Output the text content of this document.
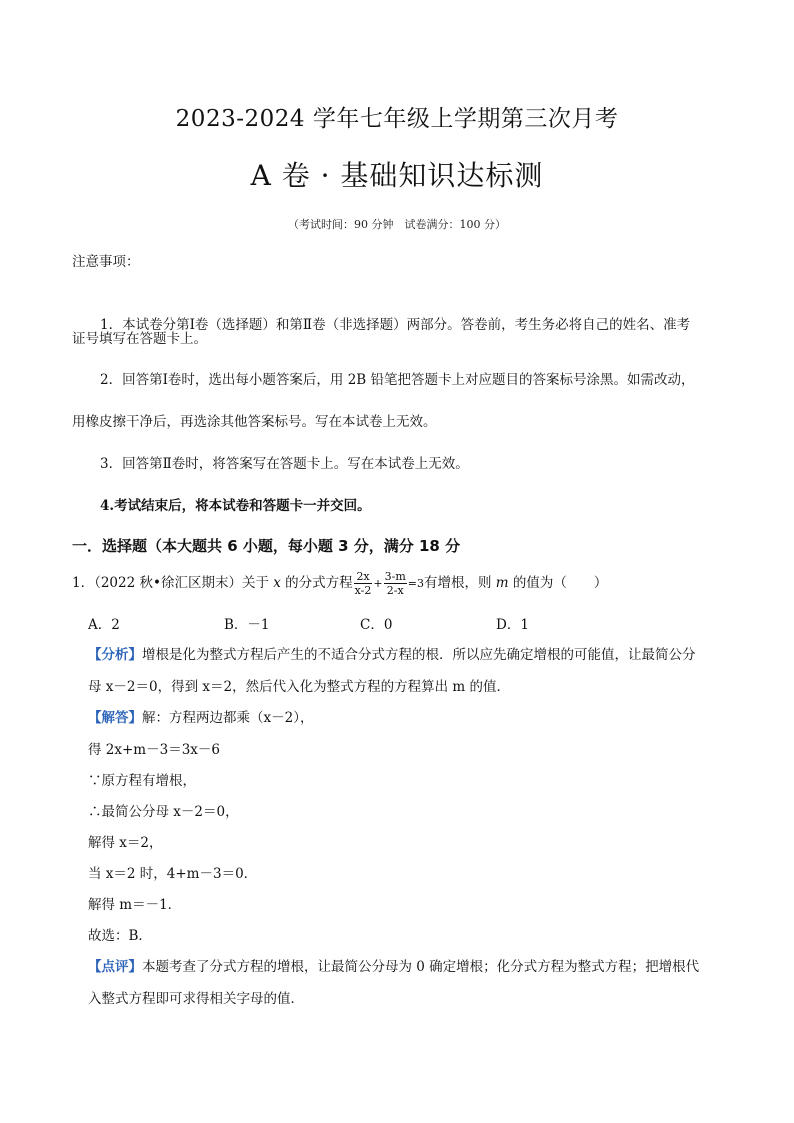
2023-2024 学年七年级上学期第三次月考
A 卷 · 基础知识达标测
（考试时间：90 分钟　试卷满分：100 分）
注意事项：
1．本试卷分第Ⅰ卷（选择题）和第Ⅱ卷（非选择题）两部分。答卷前，考生务必将自己的姓名、准考
证号填写在答题卡上。
2．回答第Ⅰ卷时，选出每小题答案后，用 2B 铅笔把答题卡上对应题目的答案标号涂黑。如需改动，
用橡皮擦干净后，再选涂其他答案标号。写在本试卷上无效。
3．回答第Ⅱ卷时，将答案写在答题卡上。写在本试卷上无效。
4.考试结束后，将本试卷和答题卡一并交回。
一．选择题（本大题共 6 小题，每小题 3 分，满分 18 分
1．（2022 秋•徐汇区期末）关于 x 的分式方程 $\frac{2x}{x-2} + \frac{3-m}{2-x} =3$有增根，则 m 的值为（　　）
A．2	B．－1	C．0	D．1
【分析】增根是化为整式方程后产生的不适合分式方程的根．所以应先确定增根的可能值，让最简公分
母 x－2＝0，得到 x＝2，然后代入化为整式方程的方程算出 m 的值．
【解答】解：方程两边都乘（x－2），
得 2x+m－3＝3x－6
∵原方程有增根，
∴最简公分母 x－2＝0，
解得 x＝2，
当 x＝2 时，4+m－3＝0．
解得 m＝－1．
故选：B．
【点评】本题考查了分式方程的增根，让最简公分母为 0 确定增根；化分式方程为整式方程；把增根代
入整式方程即可求得相关字母的值．
